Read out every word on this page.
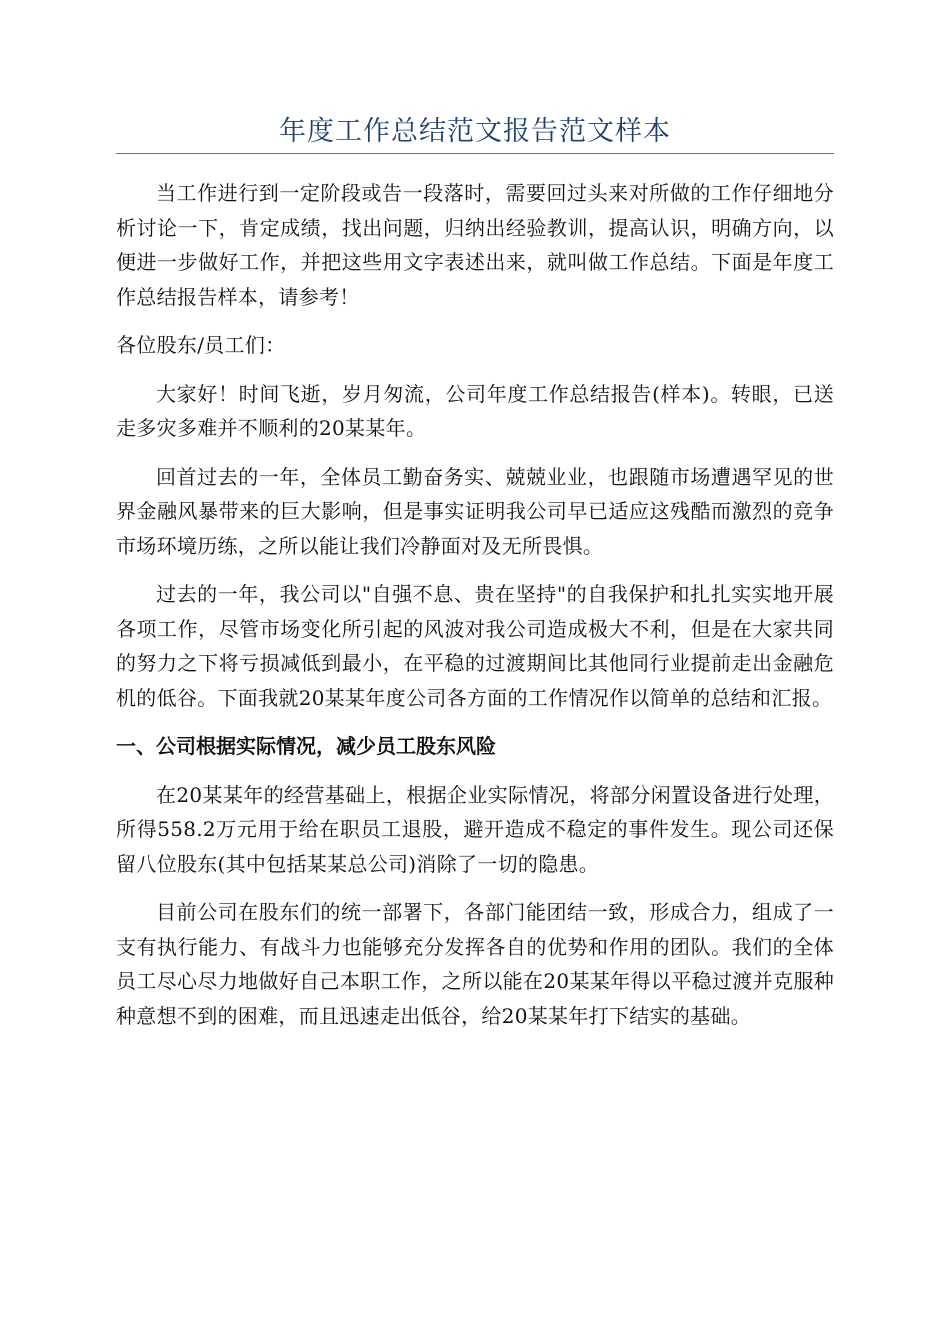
年度工作总结范文报告范文样本

当工作进行到一定阶段或告一段落时，需要回过头来对所做的工作仔细地分析讨论一下，肯定成绩，找出问题，归纳出经验教训，提高认识，明确方向，以便进一步做好工作，并把这些用文字表述出来，就叫做工作总结。下面是年度工作总结报告样本，请参考！

各位股东/员工们：

大家好！时间飞逝，岁月匆流，公司年度工作总结报告(样本)。转眼，已送走多灾多难并不顺利的20某某年。

回首过去的一年，全体员工勤奋务实、兢兢业业，也跟随市场遭遇罕见的世界金融风暴带来的巨大影响，但是事实证明我公司早已适应这残酷而激烈的竞争市场环境历练，之所以能让我们冷静面对及无所畏惧。

过去的一年，我公司以"自强不息、贵在坚持"的自我保护和扎扎实实地开展各项工作，尽管市场变化所引起的风波对我公司造成极大不利，但是在大家共同的努力之下将亏损减低到最小，在平稳的过渡期间比其他同行业提前走出金融危机的低谷。下面我就20某某年度公司各方面的工作情况作以简单的总结和汇报。

一、公司根据实际情况，减少员工股东风险

在20某某年的经营基础上，根据企业实际情况，将部分闲置设备进行处理，所得558.2万元用于给在职员工退股，避开造成不稳定的事件发生。现公司还保留八位股东(其中包括某某总公司)消除了一切的隐患。

目前公司在股东们的统一部署下，各部门能团结一致，形成合力，组成了一支有执行能力、有战斗力也能够充分发挥各自的优势和作用的团队。我们的全体员工尽心尽力地做好自己本职工作，之所以能在20某某年得以平稳过渡并克服种种意想不到的困难，而且迅速走出低谷，给20某某年打下结实的基础。
